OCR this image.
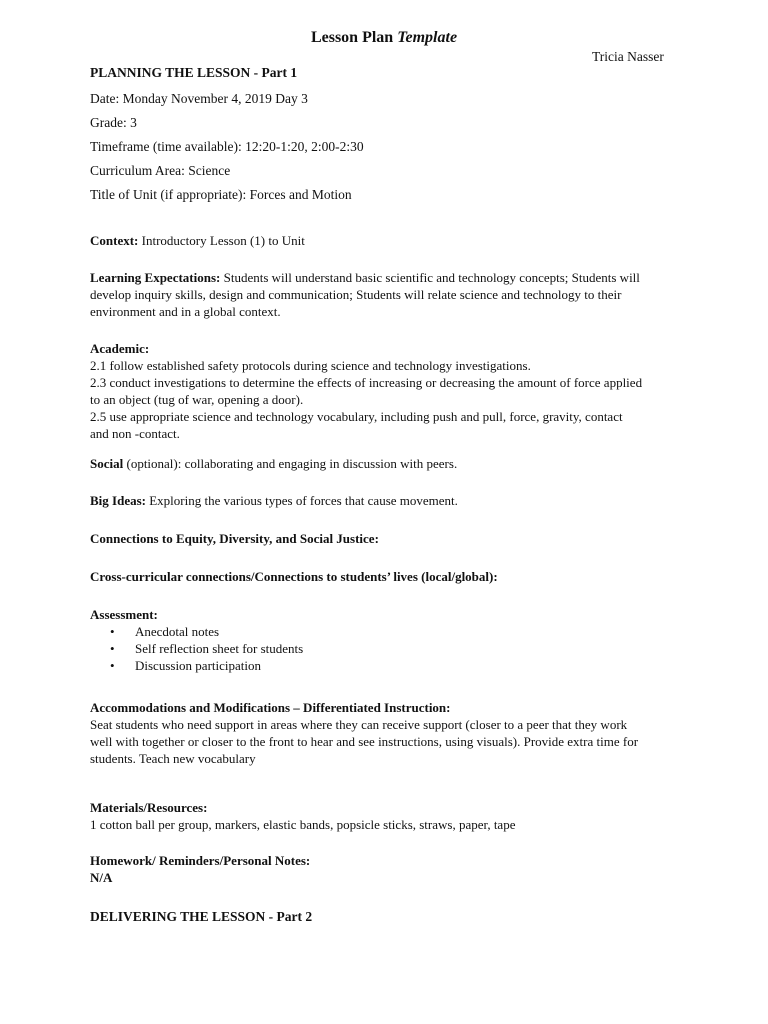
Lesson Plan Template
Tricia Nasser
PLANNING THE LESSON - Part 1
Date: Monday November 4, 2019 Day 3
Grade: 3
Timeframe (time available): 12:20-1:20, 2:00-2:30
Curriculum Area: Science
Title of Unit (if appropriate): Forces and Motion
Context: Introductory Lesson (1) to Unit
Learning Expectations: Students will understand basic scientific and technology concepts; Students will
develop inquiry skills, design and communication; Students will relate science and technology to their
environment and in a global context.
Academic:
2.1 follow established safety protocols during science and technology investigations.
2.3 conduct investigations to determine the effects of increasing or decreasing the amount of force applied
to an object (tug of war, opening a door).
2.5 use appropriate science and technology vocabulary, including push and pull, force, gravity, contact
and non -contact.
Social (optional): collaborating and engaging in discussion with peers.
Big Ideas: Exploring the various types of forces that cause movement.
Connections to Equity, Diversity, and Social Justice:
Cross-curricular connections/Connections to students’ lives (local/global):
Assessment:
• Anecdotal notes
• Self reflection sheet for students
• Discussion participation
Accommodations and Modifications – Differentiated Instruction:
Seat students who need support in areas where they can receive support (closer to a peer that they work
well with together or closer to the front to hear and see instructions, using visuals). Provide extra time for
students. Teach new vocabulary
Materials/Resources:
1 cotton ball per group, markers, elastic bands, popsicle sticks, straws, paper, tape
Homework/ Reminders/Personal Notes:
N/A
DELIVERING THE LESSON - Part 2
